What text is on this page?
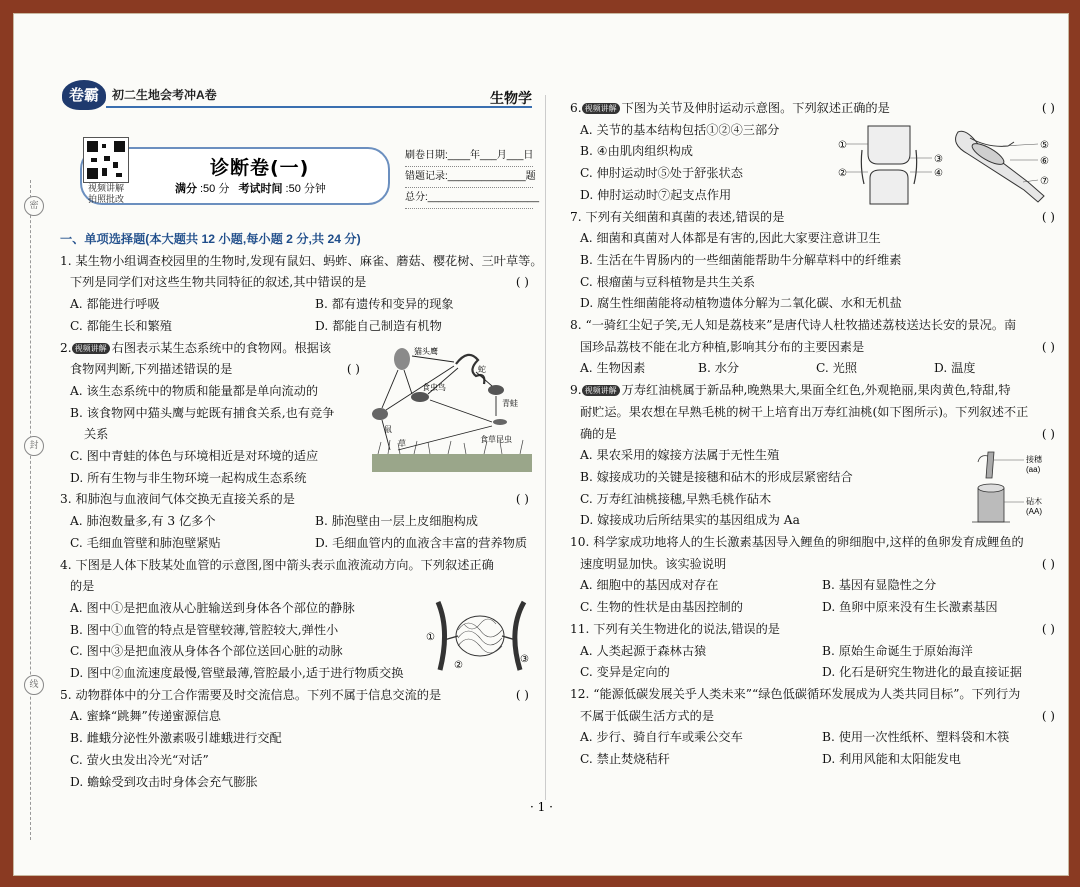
密
封
线
卷霸	初二生地会考冲A卷	生物学
视频讲解
拍照批改
诊断卷(一)
满分 :50 分 考试时间 :50 分钟
刷卷日期:____年___月___日
错题记录:______________题
总分:____________________
一、单项选择题(本大题共 12 小题,每小题 2 分,共 24 分)
1. 某生物小组调查校园里的生物时,发现有鼠妇、蚂蚱、麻雀、蘑菇、樱花树、三叶草等。
下列是同学们对这些生物共同特征的叙述,其中错误的是	( )
A. 都能进行呼吸	B. 都有遗传和变异的现象
C. 都能生长和繁殖	D. 都能自己制造有机物
2. 视频讲解 右图表示某生态系统中的食物网。根据该
食物网判断,下列描述错误的是	( )
A. 该生态系统中的物质和能量都是单向流动的
B. 该食物网中猫头鹰与蛇既有捕食关系,也有竞争
关系
C. 图中青蛙的体色与环境相近是对环境的适应
D. 所有生物与非生物环境一起构成生态系统
3. 和肺泡与血液间气体交换无直接关系的是	( )
A. 肺泡数量多,有 3 亿多个	B. 肺泡壁由一层上皮细胞构成
C. 毛细血管壁和肺泡壁紧贴	D. 毛细血管内的血液含丰富的营养物质
4. 下图是人体下肢某处血管的示意图,图中箭头表示血液流动方向。下列叙述正确
的是
A. 图中①是把血液从心脏输送到身体各个部位的静脉
B. 图中①血管的特点是管壁较薄,管腔较大,弹性小
C. 图中③是把血液从身体各个部位送回心脏的动脉
D. 图中②血流速度最慢,管壁最薄,管腔最小,适于进行物质交换
5. 动物群体中的分工合作需要及时交流信息。下列不属于信息交流的是	( )
A. 蜜蜂“跳舞”传递蜜源信息
B. 雌蛾分泌性外激素吸引雄蛾进行交配
C. 萤火虫发出冷光“对话”
D. 蟾蜍受到攻击时身体会充气膨胀
猫头鹰
蛇
食虫鸟
青蛙
鼠
草	食草昆虫
①
②
③
6. 视频讲解 下图为关节及伸肘运动示意图。下列叙述正确的是	( )
A. 关节的基本结构包括①②④三部分
B. ④由肌肉组织构成
C. 伸肘运动时⑤处于舒张状态
D. 伸肘运动时⑦起支点作用
7. 下列有关细菌和真菌的表述,错误的是	( )
A. 细菌和真菌对人体都是有害的,因此大家要注意讲卫生
B. 生活在牛胃肠内的一些细菌能帮助牛分解草料中的纤维素
C. 根瘤菌与豆科植物是共生关系
D. 腐生性细菌能将动植物遗体分解为二氧化碳、水和无机盐
8. “一骑红尘妃子笑,无人知是荔枝来”是唐代诗人杜牧描述荔枝送达长安的景况。南
国珍品荔枝不能在北方种植,影响其分布的主要因素是	( )
A. 生物因素	B. 水分	C. 光照	D. 温度
9. 视频讲解 万寿红油桃属于新品种,晚熟果大,果面全红色,外观艳丽,果肉黄色,特甜,特
耐贮运。果农想在早熟毛桃的树干上培育出万寿红油桃(如下图所示)。下列叙述不正
确的是	( )
A. 果农采用的嫁接方法属于无性生殖
B. 嫁接成功的关键是接穗和砧木的形成层紧密结合
C. 万寿红油桃接穗,早熟毛桃作砧木
D. 嫁接成功后所结果实的基因组成为 Aa
10. 科学家成功地将人的生长激素基因导入鲤鱼的卵细胞中,这样的鱼卵发育成鲤鱼的
速度明显加快。该实验说明	( )
A. 细胞中的基因成对存在	B. 基因有显隐性之分
C. 生物的性状是由基因控制的	D. 鱼卵中原来没有生长激素基因
11. 下列有关生物进化的说法,错误的是	( )
A. 人类起源于森林古猿	B. 原始生命诞生于原始海洋
C. 变异是定向的	D. 化石是研究生物进化的最直接证据
12. “能源低碳发展关乎人类未来”“绿色低碳循环发展成为人类共同目标”。下列行为
不属于低碳生活方式的是	( )
A. 步行、骑自行车或乘公交车	B. 使用一次性纸杯、塑料袋和木筷
C. 禁止焚烧秸秆	D. 利用风能和太阳能发电
①
②
③
④
⑤
⑥
⑦
接穗
(aa)
砧木
(AA)
· 1 ·
